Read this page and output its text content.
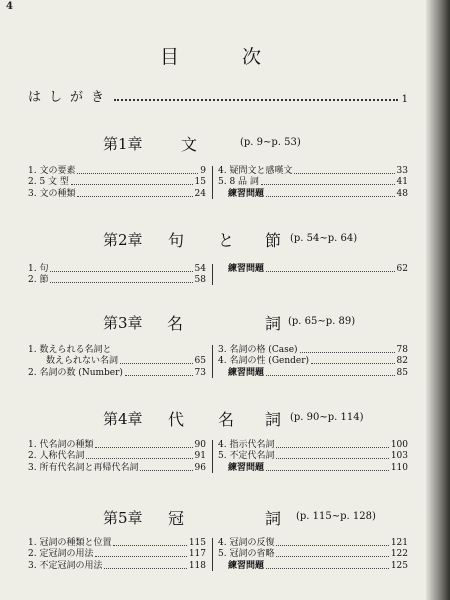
4
目　次
はしがき	1
第1章 文	(p. 9∼p. 53)
1. 文の要素	9
2. 5 文 型	15
3. 文の種類	24
4. 疑問文と感嘆文	33
5. 8 品 詞	41
練習問題	48
第2章 句 と 節 (p. 54∼p. 64)
1. 句	54
2. 節	58
練習問題	62
第3章 名	詞 (p. 65∼p. 89)
1. 数えられる名詞と
　　数えられない名詞	65
2. 名詞の数 (Number)	73
3. 名詞の格 (Case)	78
4. 名詞の性 (Gender)	82
練習問題	85
第4章 代 名 詞 (p. 90∼p. 114)
1. 代名詞の種類	90
2. 人称代名詞	91
3. 所有代名詞と再帰代名詞	96
4. 指示代名詞	100
5. 不定代名詞	103
練習問題	110
第5章 冠	詞 (p. 115∼p. 128)
1. 冠詞の種類と位置	115
2. 定冠詞の用法	117
3. 不定冠詞の用法	118
4. 冠詞の反復	121
5. 冠詞の省略	122
練習問題	125
